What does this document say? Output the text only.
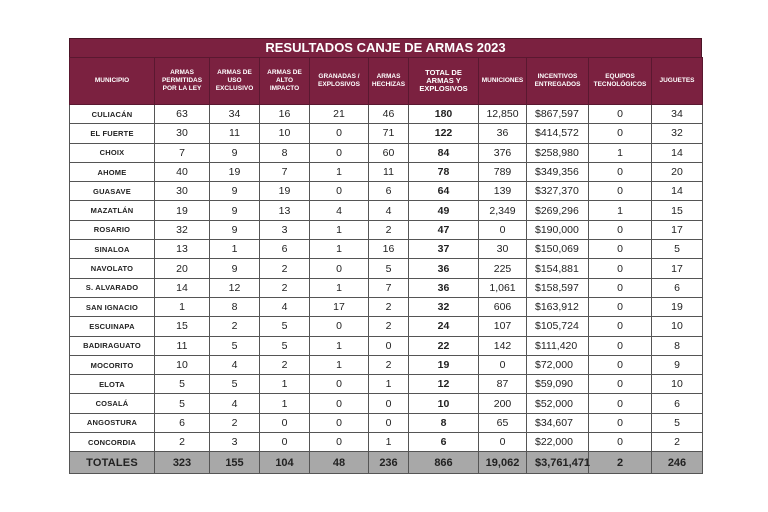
RESULTADOS CANJE DE ARMAS 2023
MUNICIPIO	ARMAS PERMITIDAS POR LA LEY	ARMAS DE USO EXCLUSIVO	ARMAS DE ALTO IMPACTO	GRANADAS / EXPLOSIVOS	ARMAS HECHIZAS	TOTAL DE ARMAS Y EXPLOSIVOS	MUNICIONES	INCENTIVOS ENTREGADOS	EQUIPOS TECNOLÓGICOS	JUGUETES
CULIACÁN	63	34	16	21	46	180	12,850	$867,597	0	34
EL FUERTE	30	11	10	0	71	122	36	$414,572	0	32
CHOIX	7	9	8	0	60	84	376	$258,980	1	14
AHOME	40	19	7	1	11	78	789	$349,356	0	20
GUASAVE	30	9	19	0	6	64	139	$327,370	0	14
MAZATLÁN	19	9	13	4	4	49	2,349	$269,296	1	15
ROSARIO	32	9	3	1	2	47	0	$190,000	0	17
SINALOA	13	1	6	1	16	37	30	$150,069	0	5
NAVOLATO	20	9	2	0	5	36	225	$154,881	0	17
S. ALVARADO	14	12	2	1	7	36	1,061	$158,597	0	6
SAN IGNACIO	1	8	4	17	2	32	606	$163,912	0	19
ESCUINAPA	15	2	5	0	2	24	107	$105,724	0	10
BADIRAGUATO	11	5	5	1	0	22	142	$111,420	0	8
MOCORITO	10	4	2	1	2	19	0	$72,000	0	9
ELOTA	5	5	1	0	1	12	87	$59,090	0	10
COSALÁ	5	4	1	0	0	10	200	$52,000	0	6
ANGOSTURA	6	2	0	0	0	8	65	$34,607	0	5
CONCORDIA	2	3	0	0	1	6	0	$22,000	0	2
TOTALES	323	155	104	48	236	866	19,062	$3,761,471	2	246
